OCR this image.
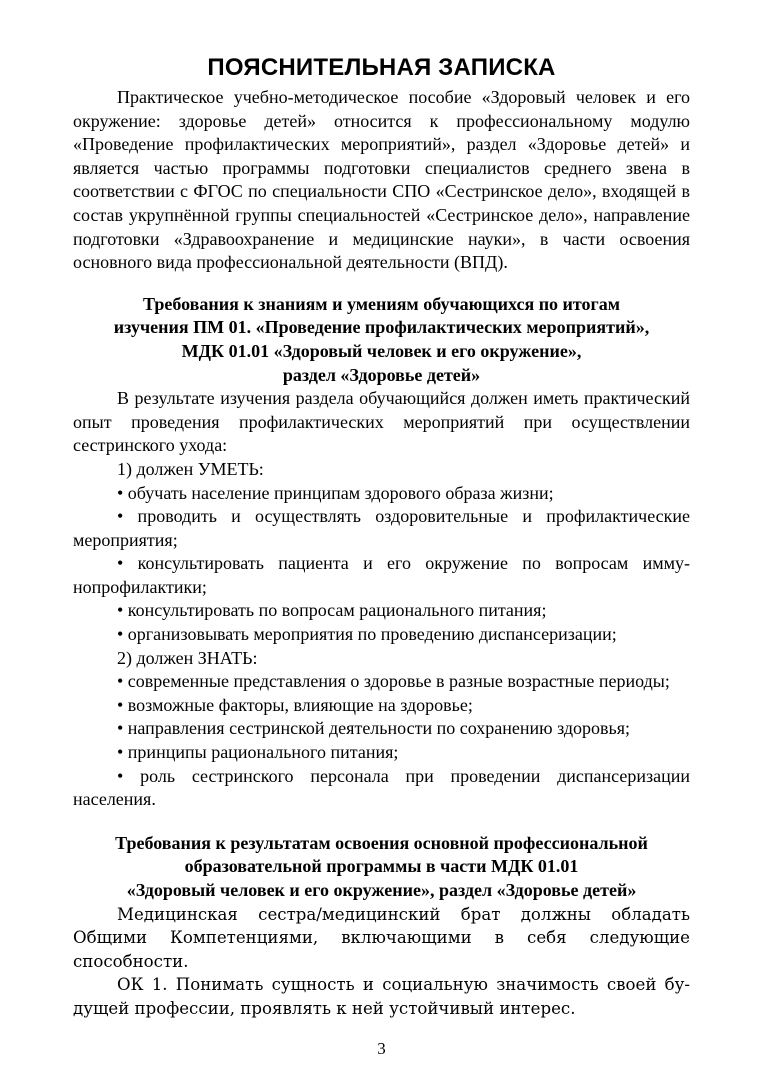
ПОЯСНИТЕЛЬНАЯ ЗАПИСКА

Практическое учебно-методическое пособие «Здоровый человек и его окружение: здоровье детей» относится к профессиональному модулю «Проведение профилактических мероприятий», раздел «Здоровье детей» и является частью программы подготовки специалистов среднего звена в соответствии с ФГОС по специальности СПО «Сестринское дело», входящей в состав укрупнённой группы специальностей «Сестринское дело», направление подготовки «Здравоохранение и медицинские науки», в части освоения основного вида профессиональной деятельности (ВПД).

Требования к знаниям и умениям обучающихся по итогам
изучения ПМ 01. «Проведение профилактических мероприятий»,
МДК 01.01 «Здоровый человек и его окружение»,
раздел «Здоровье детей»

В результате изучения раздела обучающийся должен иметь практический опыт проведения профилактических мероприятий при осуществлении сестринского ухода:

1) должен УМЕТЬ:

• обучать население принципам здорового образа жизни;

• проводить и осуществлять оздоровительные и профилактические мероприятия;

• консультировать пациента и его окружение по вопросам иммунопрофилактики;

• консультировать по вопросам рационального питания;

• организовывать мероприятия по проведению диспансеризации;

2) должен ЗНАТЬ:

• современные представления о здоровье в разные возрастные периоды;

• возможные факторы, влияющие на здоровье;

• направления сестринской деятельности по сохранению здоровья;

• принципы рационального питания;

• роль сестринского персонала при проведении диспансеризации населения.

Требования к результатам освоения основной профессиональной
образовательной программы в части МДК 01.01
«Здоровый человек и его окружение», раздел «Здоровье детей»

Медицинская сестра/медицинский брат должны обладать Общими Компетенциями, включающими в себя следующие способности.

ОК 1. Понимать сущность и социальную значимость своей будущей профессии, проявлять к ней устойчивый интерес.

3
